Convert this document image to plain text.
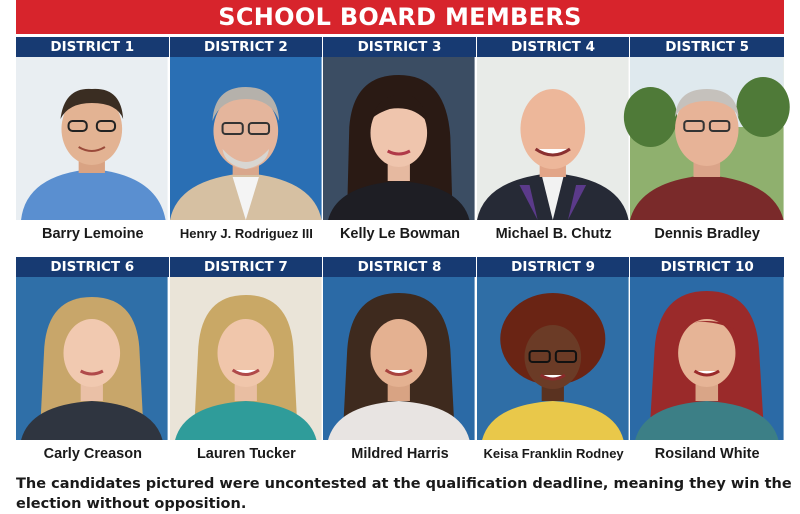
SCHOOL BOARD MEMBERS
DISTRICT 1
Barry Lemoine
DISTRICT 2
Henry J. Rodriguez III
DISTRICT 3
Kelly Le Bowman
DISTRICT 4
Michael B. Chutz
DISTRICT 5
Dennis Bradley
DISTRICT 6
Carly Creason
DISTRICT 7
Lauren Tucker
DISTRICT 8
Mildred Harris
DISTRICT 9
Keisa Franklin Rodney
DISTRICT 10
Rosiland White
The candidates pictured were uncontested at the qualification deadline, meaning they win the
election without opposition.
